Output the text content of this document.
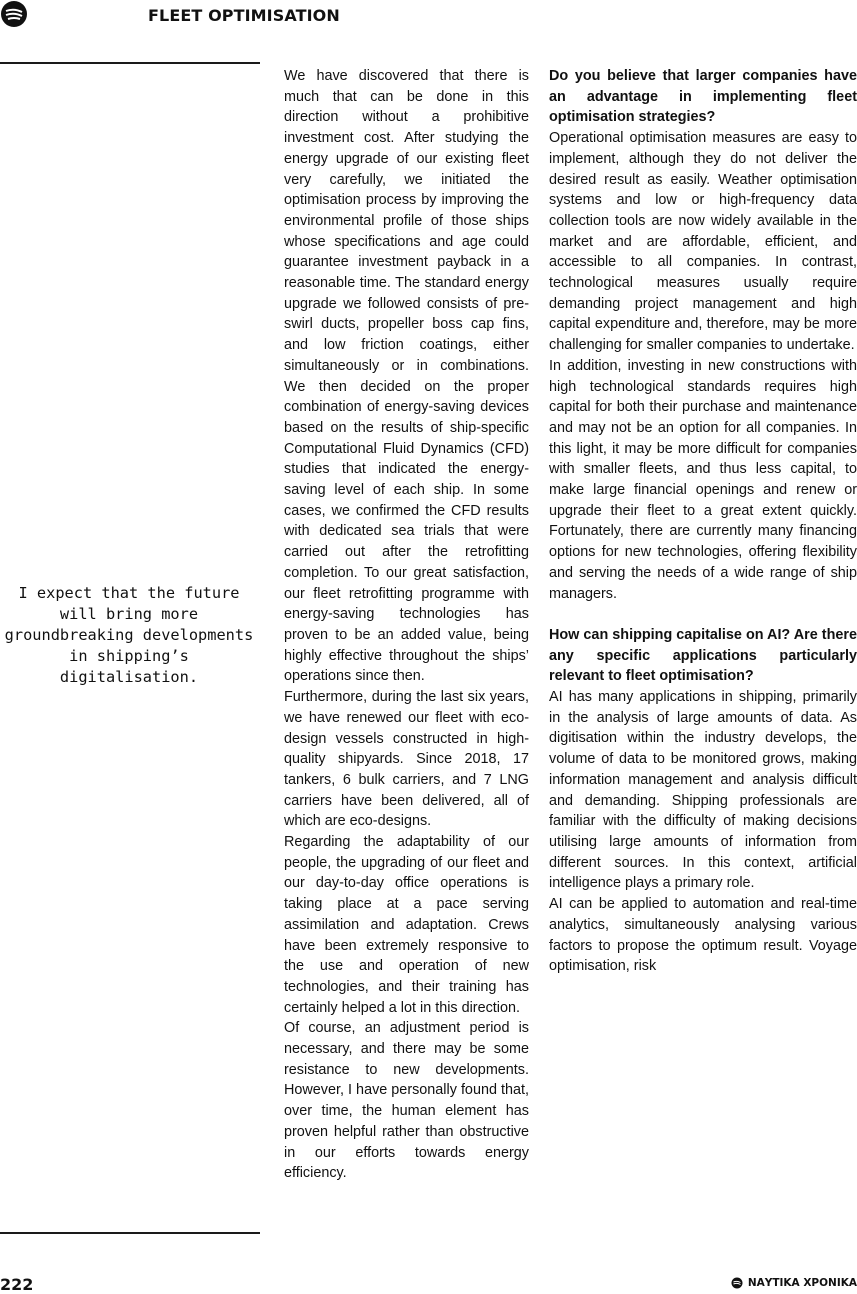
FLEET OPTIMISATION
I expect that the future will bring more groundbreaking developments in shipping’s digitalisation.

We have discovered that there is much that can be done in this direction without a prohibitive investment cost. After studying the energy upgrade of our existing fleet very carefully, we initiated the optimisation process by improving the environmental profile of those ships whose specifications and age could guarantee investment payback in a reasonable time. The standard energy upgrade we followed consists of pre-swirl ducts, propeller boss cap fins, and low friction coatings, either simultaneously or in combinations. We then decided on the proper combination of energy-saving devices based on the results of ship-specific Computational Fluid Dynamics (CFD) studies that indicated the energy-saving level of each ship. In some cases, we confirmed the CFD results with dedicated sea trials that were carried out after the retrofitting completion. To our great satisfaction, our fleet retrofitting programme with energy-saving technologies has proven to be an added value, being highly effective throughout the ships’ operations since then.

Furthermore, during the last six years, we have renewed our fleet with eco-design vessels constructed in high-quality shipyards. Since 2018, 17 tankers, 6 bulk carriers, and 7 LNG carriers have been delivered, all of which are eco-designs.

Regarding the adaptability of our people, the upgrading of our fleet and our day-to-day office operations is taking place at a pace serving assimilation and adaptation. Crews have been extremely responsive to the use and operation of new technologies, and their training has certainly helped a lot in this direction.

Of course, an adjustment period is necessary, and there may be some resistance to new developments. However, I have personally found that, over time, the human element has proven helpful rather than obstructive in our efforts towards energy efficiency.

Do you believe that larger companies have an advantage in implementing fleet optimisation strategies?

Operational optimisation measures are easy to implement, although they do not deliver the desired result as easily. Weather optimisation systems and low or high-frequency data collection tools are now widely available in the market and are affordable, efficient, and accessible to all companies. In contrast, technological measures usually require demanding project management and high capital expenditure and, therefore, may be more challenging for smaller companies to undertake.

In addition, investing in new constructions with high technological standards requires high capital for both their purchase and maintenance and may not be an option for all companies. In this light, it may be more difficult for companies with smaller fleets, and thus less capital, to make large financial openings and renew or upgrade their fleet to a great extent quickly. Fortunately, there are currently many financing options for new technologies, offering flexibility and serving the needs of a wide range of ship managers.

How can shipping capitalise on AI? Are there any specific applications particularly relevant to fleet optimisation?

AI has many applications in shipping, primarily in the analysis of large amounts of data. As digitisation within the industry develops, the volume of data to be monitored grows, making information management and analysis difficult and demanding. Shipping professionals are familiar with the difficulty of making decisions utilising large amounts of information from different sources. In this context, artificial intelligence plays a primary role.

AI can be applied to automation and real-time analytics, simultaneously analysing various factors to propose the optimum result. Voyage optimisation, risk

222	ΝΑΥΤΙΚΑ ΧΡΟΝΙΚΑ
